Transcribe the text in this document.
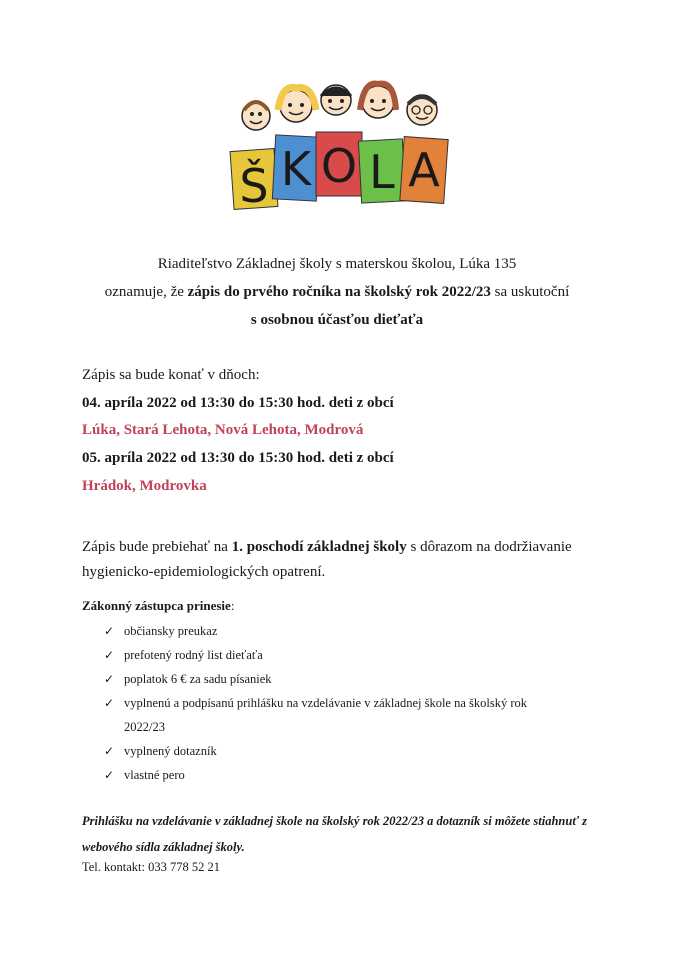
Š K O L A
Riaditeľstvo Základnej školy s materskou školou, Lúka 135
oznamuje, že zápis do prvého ročníka na školský rok 2022/23 sa uskutoční
s osobnou účasťou dieťaťa
Zápis sa bude konať v dňoch:
04. apríla 2022 od 13:30 do 15:30 hod. deti z obcí
Lúka, Stará Lehota, Nová Lehota, Modrová
05. apríla 2022 od 13:30 do 15:30 hod. deti z obcí
Hrádok, Modrovka
Zápis bude prebiehať na 1. poschodí základnej školy s dôrazom na dodržiavanie hygienicko-epidemiologických opatrení.
Zákonný zástupca prinesie:
✓ občiansky preukaz
✓ prefotený rodný list dieťaťa
✓ poplatok 6 € za sadu písaniek
✓ vyplnenú a podpísanú prihlášku na vzdelávanie v základnej škole na školský rok
2022/23
✓ vyplnený dotazník
✓ vlastné pero
Prihlášku na vzdelávanie v základnej škole na školský rok 2022/23 a dotazník si môžete stiahnuť z webového sídla základnej školy.
Tel. kontakt: 033 778 52 21
